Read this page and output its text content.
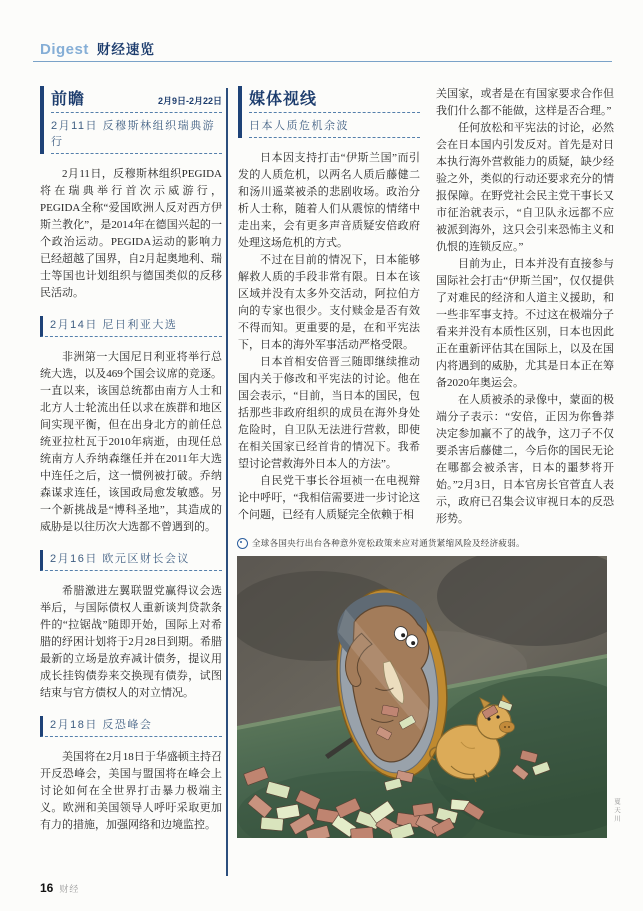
Digest 财经速览
前瞻	2月9日-2月22日
2月11日 反穆斯林组织瑞典游行

2月11日，反穆斯林组织PEGIDA将在瑞典举行首次示威游行，PEGIDA全称“爱国欧洲人反对西方伊斯兰教化”，是2014年在德国兴起的一个政治运动。PEGIDA运动的影响力已经超越了国界，自2月起奥地利、瑞士等国也计划组织与德国类似的反移民活动。

2月14日 尼日利亚大选

非洲第一大国尼日利亚将举行总统大选，以及469个国会议席的竞逐。一直以来，该国总统都由南方人士和北方人士轮流出任以求在族群和地区间实现平衡，但在出身北方的前任总统亚拉杜瓦于2010年病逝，由现任总统南方人乔纳森继任并在2011年大选中连任之后，这一惯例被打破。乔纳森谋求连任，该国政局愈发敏感。另一个新挑战是“博科圣地”，其造成的威胁是以往历次大选都不曾遇到的。

2月16日 欧元区财长会议

希腊激进左翼联盟党赢得议会选举后，与国际债权人重新谈判贷款条件的“拉锯战”随即开始，国际上对希腊的纾困计划将于2月28日到期。希腊最新的立场是放弃减计债务，提议用成长挂钩债券来交换现有债券，试图结束与官方债权人的对立情况。

2月18日 反恐峰会

美国将在2月18日于华盛顿主持召开反恐峰会，美国与盟国将在峰会上讨论如何在全世界打击暴力极端主义。欧洲和美国领导人呼吁采取更加有力的措施，加强网络和边境监控。

媒体视线
日本人质危机余波

日本因支持打击“伊斯兰国”而引发的人质危机，以两名人质后藤健二和汤川遥菜被杀的悲剧收场。政治分析人士称，随着人们从震惊的情绪中走出来，会有更多声音质疑安倍政府处理这场危机的方式。

不过在目前的情况下，日本能够解救人质的手段非常有限。日本在该区域并没有太多外交活动，阿拉伯方向的专家也很少。支付赎金是否有效不得而知。更重要的是，在和平宪法下，日本的海外军事活动严格受限。

日本首相安倍晋三随即继续推动国内关于修改和平宪法的讨论。他在国会表示，“目前，当日本的国民，包括那些非政府组织的成员在海外身处危险时，自卫队无法进行营救，即使在相关国家已经首肯的情况下。我希望讨论营救海外日本人的方法”。

自民党干事长谷垣祯一在电视辩论中呼吁，“我相信需要进一步讨论这个问题，已经有人质疑完全依赖于相

关国家，或者是在有国家要求合作但我们什么都不能做，这样是否合理。”

任何放松和平宪法的讨论，必然会在日本国内引发反对。首先是对日本执行海外营救能力的质疑，缺少经验之外，类似的行动还要求充分的情报保障。在野党社会民主党干事长又市征治就表示，“自卫队永远都不应被派到海外，这只会引来恐怖主义和仇恨的连锁反应。”

目前为止，日本并没有直接参与国际社会打击“伊斯兰国”，仅仅提供了对难民的经济和人道主义援助，和一些非军事支持。不过这在极端分子看来并没有本质性区别，日本也因此正在重新评估其在国际上，以及在国内将遇到的威胁，尤其是日本正在筹备2020年奥运会。

在人质被杀的录像中，蒙面的极端分子表示：“安倍，正因为你鲁莽决定参加赢不了的战争，这刀子不仅要杀害后藤健二，今后你的国民无论在哪都会被杀害，日本的噩梦将开始。”2月3日，日本官房长官菅直人表示，政府已召集会议审视日本的反恐形势。

全球各国央行出台各种意外宽松政策来应对通货紧缩风险及经济疲弱。
夏天川
16 财经
